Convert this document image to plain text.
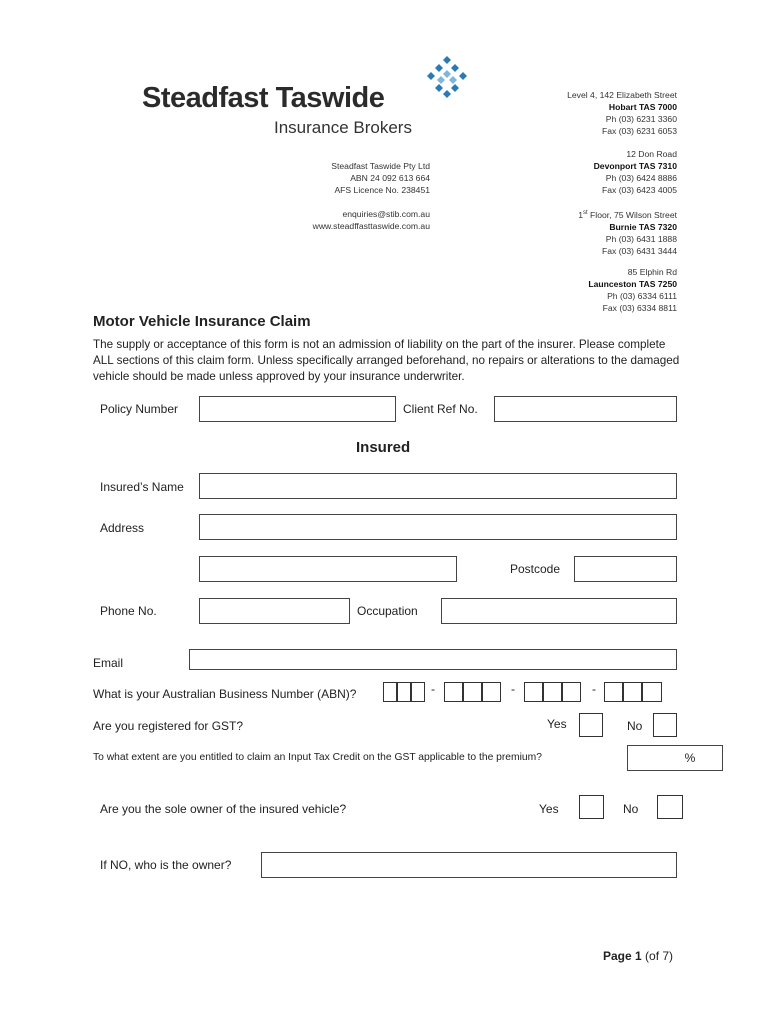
Steadfast Taswide
Insurance Brokers
Steadfast Taswide Pty Ltd
ABN 24 092 613 664
AFS Licence No. 238451
enquiries@stib.com.au
www.steadffasttaswide.com.au
Level 4, 142 Elizabeth Street
Hobart TAS 7000
Ph (03) 6231 3360
Fax (03) 6231 6053
12 Don Road
Devonport TAS 7310
Ph (03) 6424 8886
Fax (03) 6423 4005
1st Floor, 75 Wilson Street
Burnie TAS 7320
Ph (03) 6431 1888
Fax (03) 6431 3444
85 Elphin Rd
Launceston TAS 7250
Ph (03) 6334 6111
Fax (03) 6334 8811
Motor Vehicle Insurance Claim
The supply or acceptance of this form is not an admission of liability on the part of the insurer. Please complete ALL sections of this claim form. Unless specifically arranged beforehand, no repairs or alterations to the damaged vehicle should be made unless approved by your insurance underwriter.
Policy Number	Client Ref No.
Insured
Insured’s Name
Address
Postcode
Phone No.	Occupation
Email
What is your Australian Business Number (ABN)?	-	-	-
Are you registered for GST?	Yes	No
To what extent are you entitled to claim an Input Tax Credit on the GST applicable to the premium?	%
Are you the sole owner of the insured vehicle?	Yes	No
If NO, who is the owner?
Page 1 (of 7)
